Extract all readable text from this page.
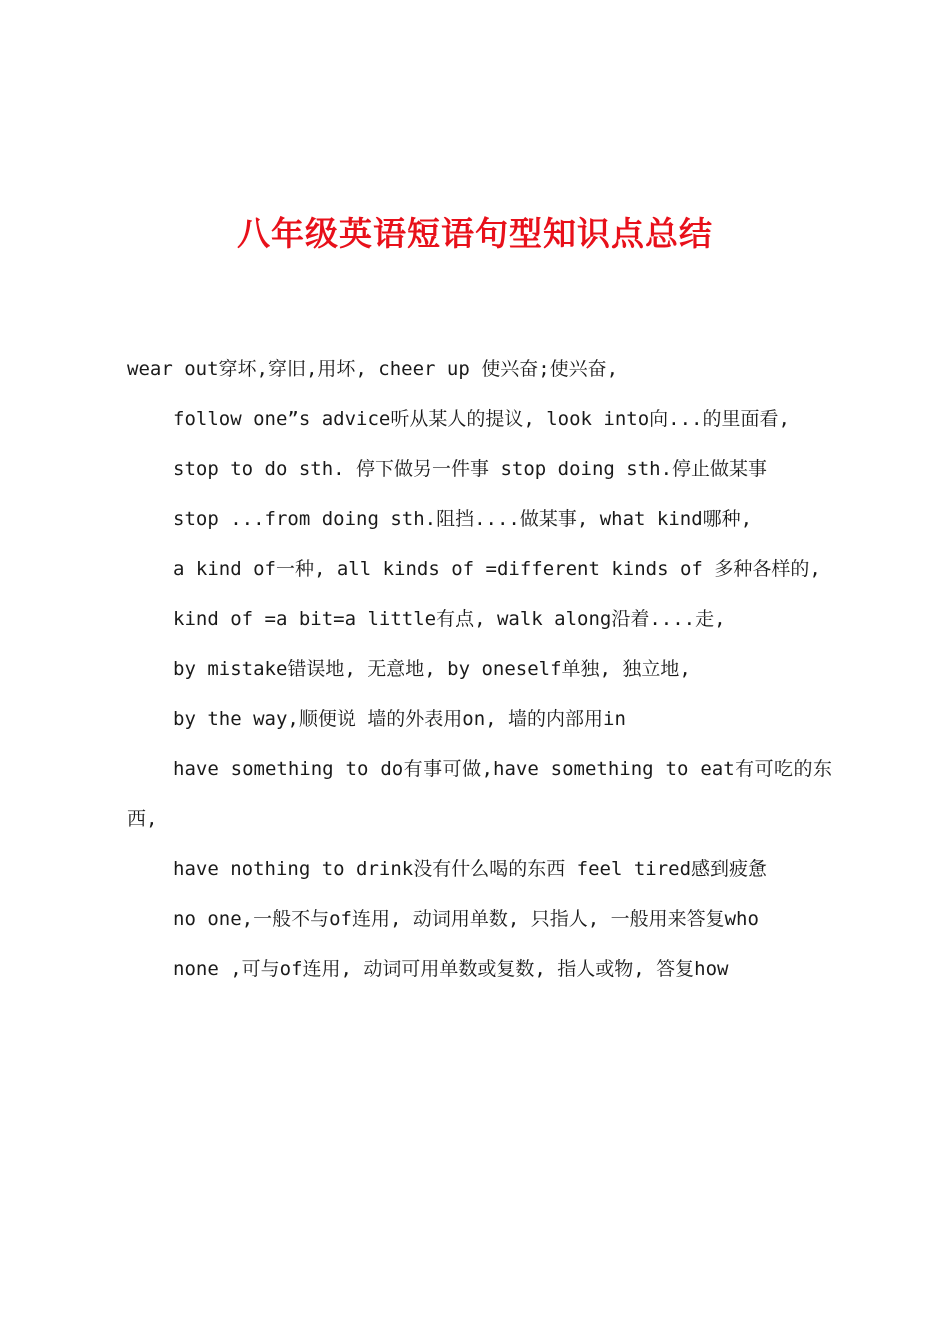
八年级英语短语句型知识点总结

wear out穿坏,穿旧,用坏, cheer up 使兴奋;使兴奋,

follow one”s advice听从某人的提议, look into向...的里面看,

stop to do sth. 停下做另一件事 stop doing sth.停止做某事

stop ...from doing sth.阻挡....做某事, what kind哪种,

a kind of一种, all kinds of =different kinds of 多种各样的,

kind of =a bit=a little有点, walk along沿着....走,

by mistake错误地, 无意地, by oneself单独, 独立地,

by the way,顺便说 墙的外表用on, 墙的内部用in

have something to do有事可做,have something to eat有可吃的东西,

have nothing to drink没有什么喝的东西 feel tired感到疲惫

no one,一般不与of连用, 动词用单数, 只指人, 一般用来答复who

none ,可与of连用, 动词可用单数或复数, 指人或物, 答复how
